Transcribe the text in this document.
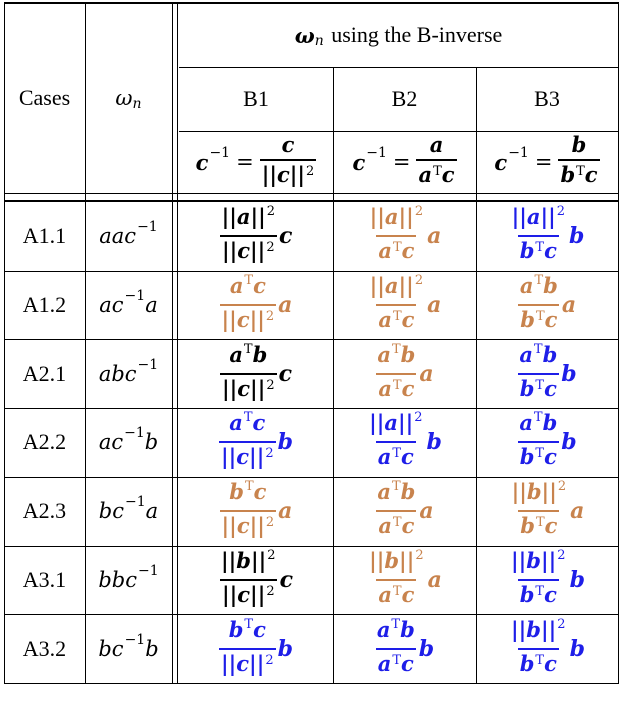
Cases ω n
ω n using the B-inverse
B1	B2	B3
$c -1 = \frac{c}{||c||^2}$ $c -1 = \frac{a}{a^Tc}$ $c -1 = \frac{b}{b^Tc}$
A1.1 aac −1	$\frac{||a||^2}{||c||^2}$ c	$\frac{||a||^2}{a^Tc}$ a	$\frac{||a||^2}{b^Tc}$ b
A1.2 ac −1 a	$\frac{a^Tc}{||c||^2}$ a	$\frac{||a||^2}{a^Tc}$ a	$\frac{a^Tb}{b^Tc}$ a
A2.1 abc −1	$\frac{a^Tb}{||c||^2}$ c	$\frac{a^Tb}{a^Tc}$ a	$\frac{a^Tb}{b^Tc}$ b
A2.2 ac −1 b	$\frac{a^Tc}{||c||^2}$ b	$\frac{||a||^2}{a^Tc}$ b	$\frac{a^Tb}{b^Tc}$ b
A2.3 bc −1 a	$\frac{b^Tc}{||c||^2}$ a	$\frac{a^Tb}{a^Tc}$ a	$\frac{||b||^2}{b^Tc}$ a
A3.1 bbc −1	$\frac{||b||^2}{||c||^2}$ c	$\frac{||b||^2}{a^Tc}$ a	$\frac{||b||^2}{b^Tc}$ b
A3.2 bc −1 b	$\frac{b^Tc}{||c||^2}$ b	$\frac{a^Tb}{a^Tc}$ b	$\frac{||b||^2}{b^Tc}$ b
